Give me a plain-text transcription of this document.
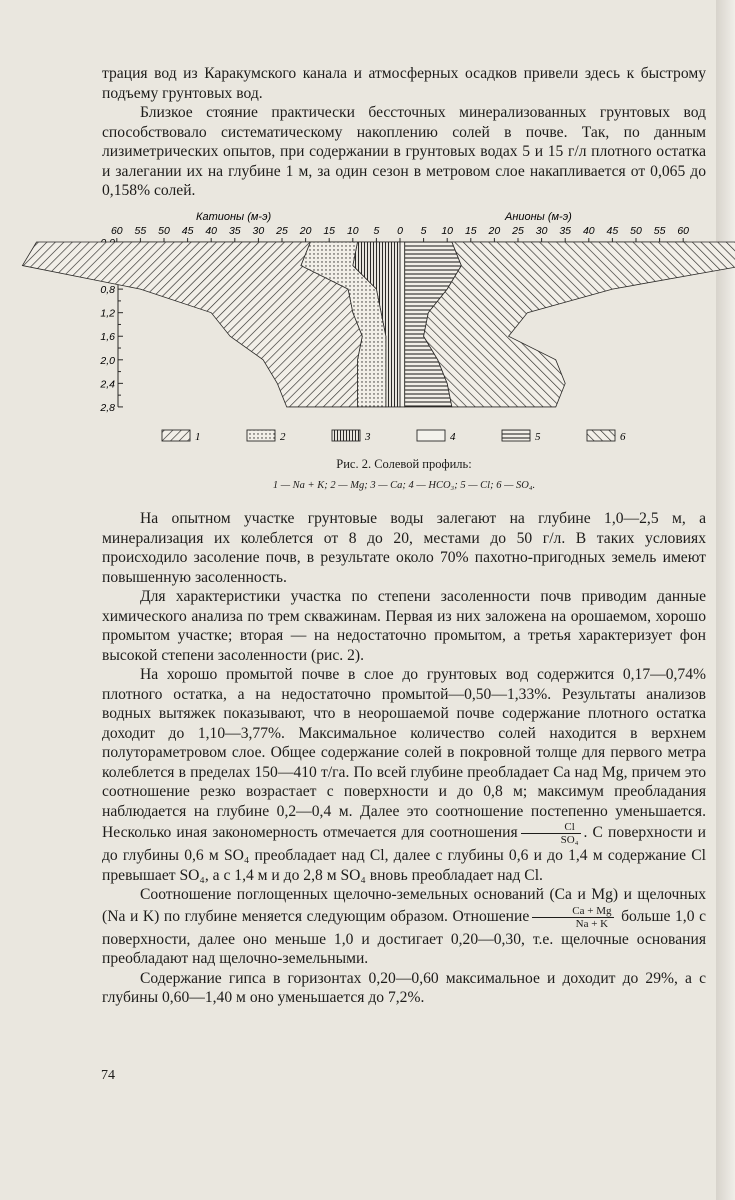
трация вод из Каракумского канала и атмосферных осадков привели здесь к быстрому подъему грунтовых вод.

Близкое стояние практически бессточных минерализованных грунтовых вод способствовало систематическому накоплению солей в почве. Так, по данным лизиметрических опытов, при содержании в грунтовых водах 5 и 15 г/л плотного остатка и залегании их на глубине 1 м, за один сезон в метровом слое накапливается от 0,065 до 0,158% солей.

60 55 50 45 40 35 30 25 20 15 10 5 0 5 10 15 20 25 30 35 40 45 50 55 60
0,8
1,2
1,6
2,0
2,4
2,8
1	2	3	4	5	6
Катионы (м-э)	Анионы (м-э)
Рис. 2. Солевой профиль:
1 — Na + K; 2 — Mg; 3 — Ca; 4 — HCO₃; 5 — Cl; 6 — SO₄.

На опытном участке грунтовые воды залегают на глубине 1,0—2,5 м, а минерализация их колеблется от 8 до 20, местами до 50 г/л. В таких условиях происходило засоление почв, в результате около 70% пахотно-пригодных земель имеют повышенную засоленность.

Для характеристики участка по степени засоленности почв приводим данные химического анализа по трем скважинам. Первая из них заложена на орошаемом, хорошо промытом участке; вторая — на недостаточно промытом, а третья характеризует фон высокой степени засоленности (рис. 2).

На хорошо промытой почве в слое до грунтовых вод содержится 0,17—0,74% плотного остатка, а на недостаточно промытой—0,50—1,33%. Результаты анализов водных вытяжек показывают, что в неорошаемой почве содержание плотного остатка доходит до 1,10—3,77%. Максимальное количество солей находится в верхнем полутораметровом слое. Общее содержание солей в покровной толще для первого метра колеблется в пределах 150—410 т/га. По всей глубине преобладает Ca над Mg, причем это соотношение резко возрастает с поверхности и до 0,8 м; максимум преобладания наблюдается на глубине 0,2—0,4 м. Далее это соотношение постепенно уменьшается. Несколько иная закономерность отмечается для соотношения $\frac{Cl}{\text{SO₄}}$ . С поверхности и до глубины 0,6 м SO₄ преобладает над Cl, далее с глубины 0,6 и до 1,4 м содержание Cl превышает SO₄, а с 1,4 м и до 2,8 м SO₄ вновь преобладает над Cl.

Соотношение поглощенных щелочно-земельных оснований (Ca и Mg) и щелочных (Na и K) по глубине меняется следующим образом. Отношение $\frac{Ca + Mg}{Na + K}$ больше 1,0 с поверхности, далее оно меньше 1,0 и достигает 0,20—0,30, т.е. щелочные основания преобладают над щелочно-земельными.

Содержание гипса в горизонтах 0,20—0,60 максимальное и доходит до 29%, а с глубины 0,60—1,40 м оно уменьшается до 7,2%.

74
